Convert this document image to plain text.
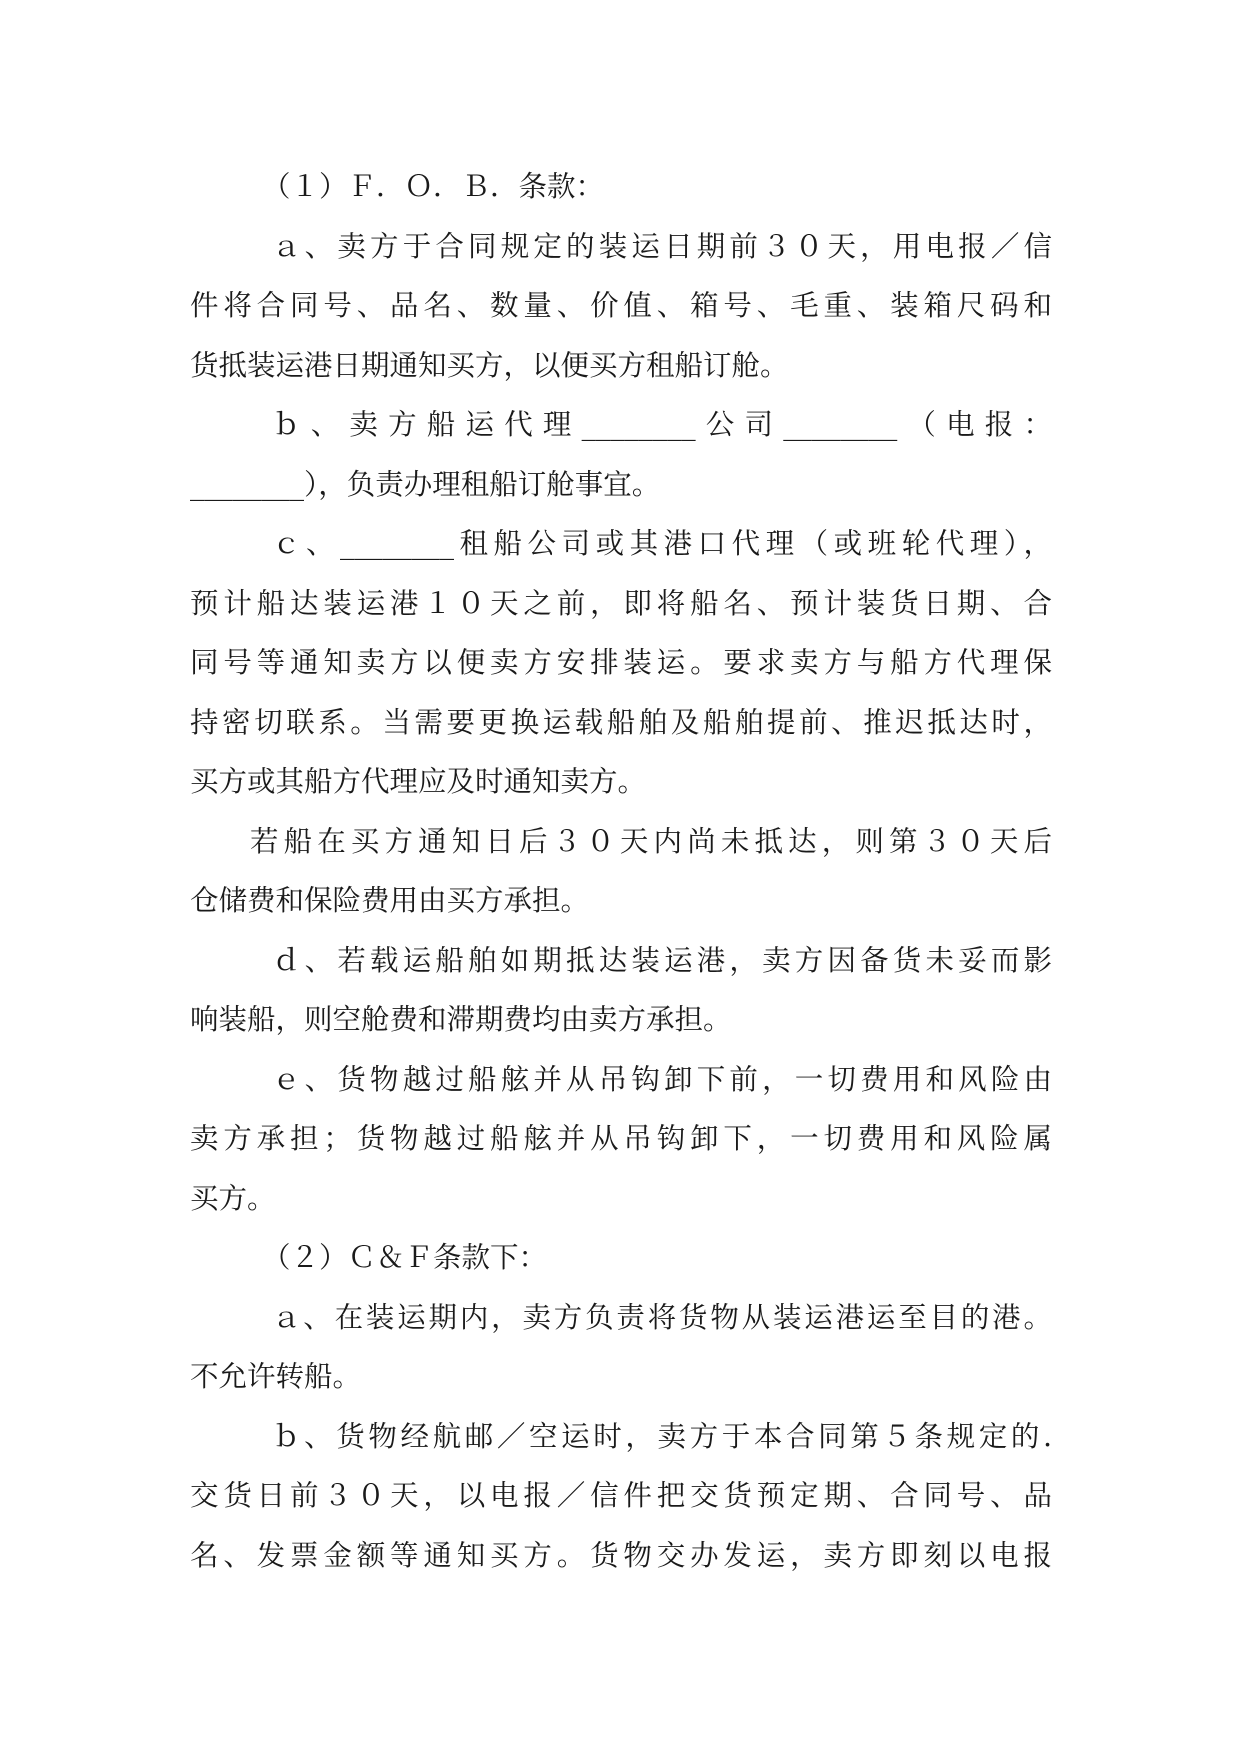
（１）Ｆ．Ｏ．Ｂ．条款：
ａ、卖方于合同规定的装运日期前３０天，用电报／信
件将合同号、品名、数量、价值、箱号、毛重、装箱尺码和
货抵装运港日期通知买方，以便买方租船订舱。
ｂ、卖方船运代理________公司________（电报：
________），负责办理租船订舱事宜。
ｃ、________租船公司或其港口代理（或班轮代理），
预计船达装运港１０天之前，即将船名、预计装货日期、合
同号等通知卖方以便卖方安排装运。要求卖方与船方代理保
持密切联系。当需要更换运载船舶及船舶提前、推迟抵达时，
买方或其船方代理应及时通知卖方。
若船在买方通知日后３０天内尚未抵达，则第３０天后
仓储费和保险费用由买方承担。
ｄ、若载运船舶如期抵达装运港，卖方因备货未妥而影
响装船，则空舱费和滞期费均由卖方承担。
ｅ、货物越过船舷并从吊钩卸下前，一切费用和风险由
卖方承担；货物越过船舷并从吊钩卸下，一切费用和风险属
买方。
（２）Ｃ＆Ｆ条款下：
ａ、在装运期内，卖方负责将货物从装运港运至目的港。
不允许转船。
ｂ、货物经航邮／空运时，卖方于本合同第５条规定的.
交货日前３０天，以电报／信件把交货预定期、合同号、品
名、发票金额等通知买方。货物交办发运，卖方即刻以电报
